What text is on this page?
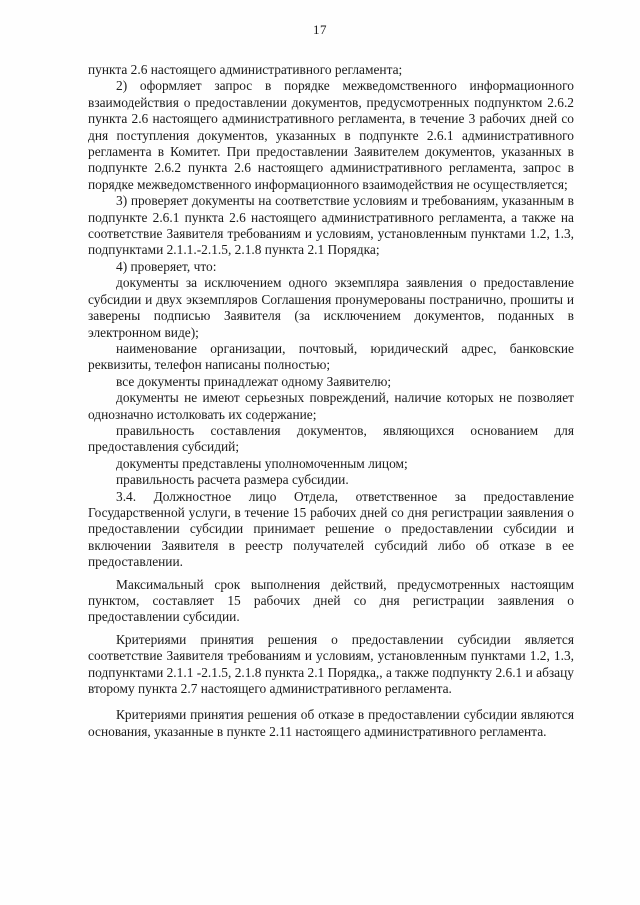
17

пункта 2.6 настоящего административного регламента;

2) оформляет запрос в порядке межведомственного информационного взаимодействия о предоставлении документов, предусмотренных подпунктом 2.6.2 пункта 2.6 настоящего административного регламента, в течение 3 рабочих дней со дня поступления документов, указанных в подпункте 2.6.1 административного регламента в Комитет. При предоставлении Заявителем документов, указанных в подпункте 2.6.2 пункта 2.6 настоящего административного регламента, запрос в порядке межведомственного информационного взаимодействия не осуществляется;

3) проверяет документы на соответствие условиям и требованиям, указанным в подпункте 2.6.1 пункта 2.6 настоящего административного регламента, а также на соответствие Заявителя требованиям и условиям, установленным пунктами 1.2, 1.3, подпунктами 2.1.1.-2.1.5, 2.1.8 пункта 2.1 Порядка;

4) проверяет, что:

документы за исключением одного экземпляра заявления о предоставление субсидии и двух экземпляров Соглашения пронумерованы постранично, прошиты и заверены подписью Заявителя (за исключением документов, поданных в электронном виде);

наименование организации, почтовый, юридический адрес, банковские реквизиты, телефон написаны полностью;

все документы принадлежат одному Заявителю;

документы не имеют серьезных повреждений, наличие которых не позволяет однозначно истолковать их содержание;

правильность составления документов, являющихся основанием для предоставления субсидий;

документы представлены уполномоченным лицом;

правильность расчета размера субсидии.

3.4. Должностное лицо Отдела, ответственное за предоставление Государственной услуги, в течение 15 рабочих дней со дня регистрации заявления о предоставлении субсидии принимает решение о предоставлении субсидии и включении Заявителя в реестр получателей субсидий либо об отказе в ее предоставлении.

Максимальный срок выполнения действий, предусмотренных настоящим пунктом, составляет 15 рабочих дней со дня регистрации заявления о предоставлении субсидии.

Критериями принятия решения о предоставлении субсидии является соответствие Заявителя требованиям и условиям, установленным пунктами 1.2, 1.3, подпунктами 2.1.1 -2.1.5, 2.1.8 пункта 2.1 Порядка,, а также подпункту 2.6.1 и абзацу второму пункта 2.7 настоящего административного регламента.

Критериями принятия решения об отказе в предоставлении субсидии являются основания, указанные в пункте 2.11 настоящего административного регламента.
